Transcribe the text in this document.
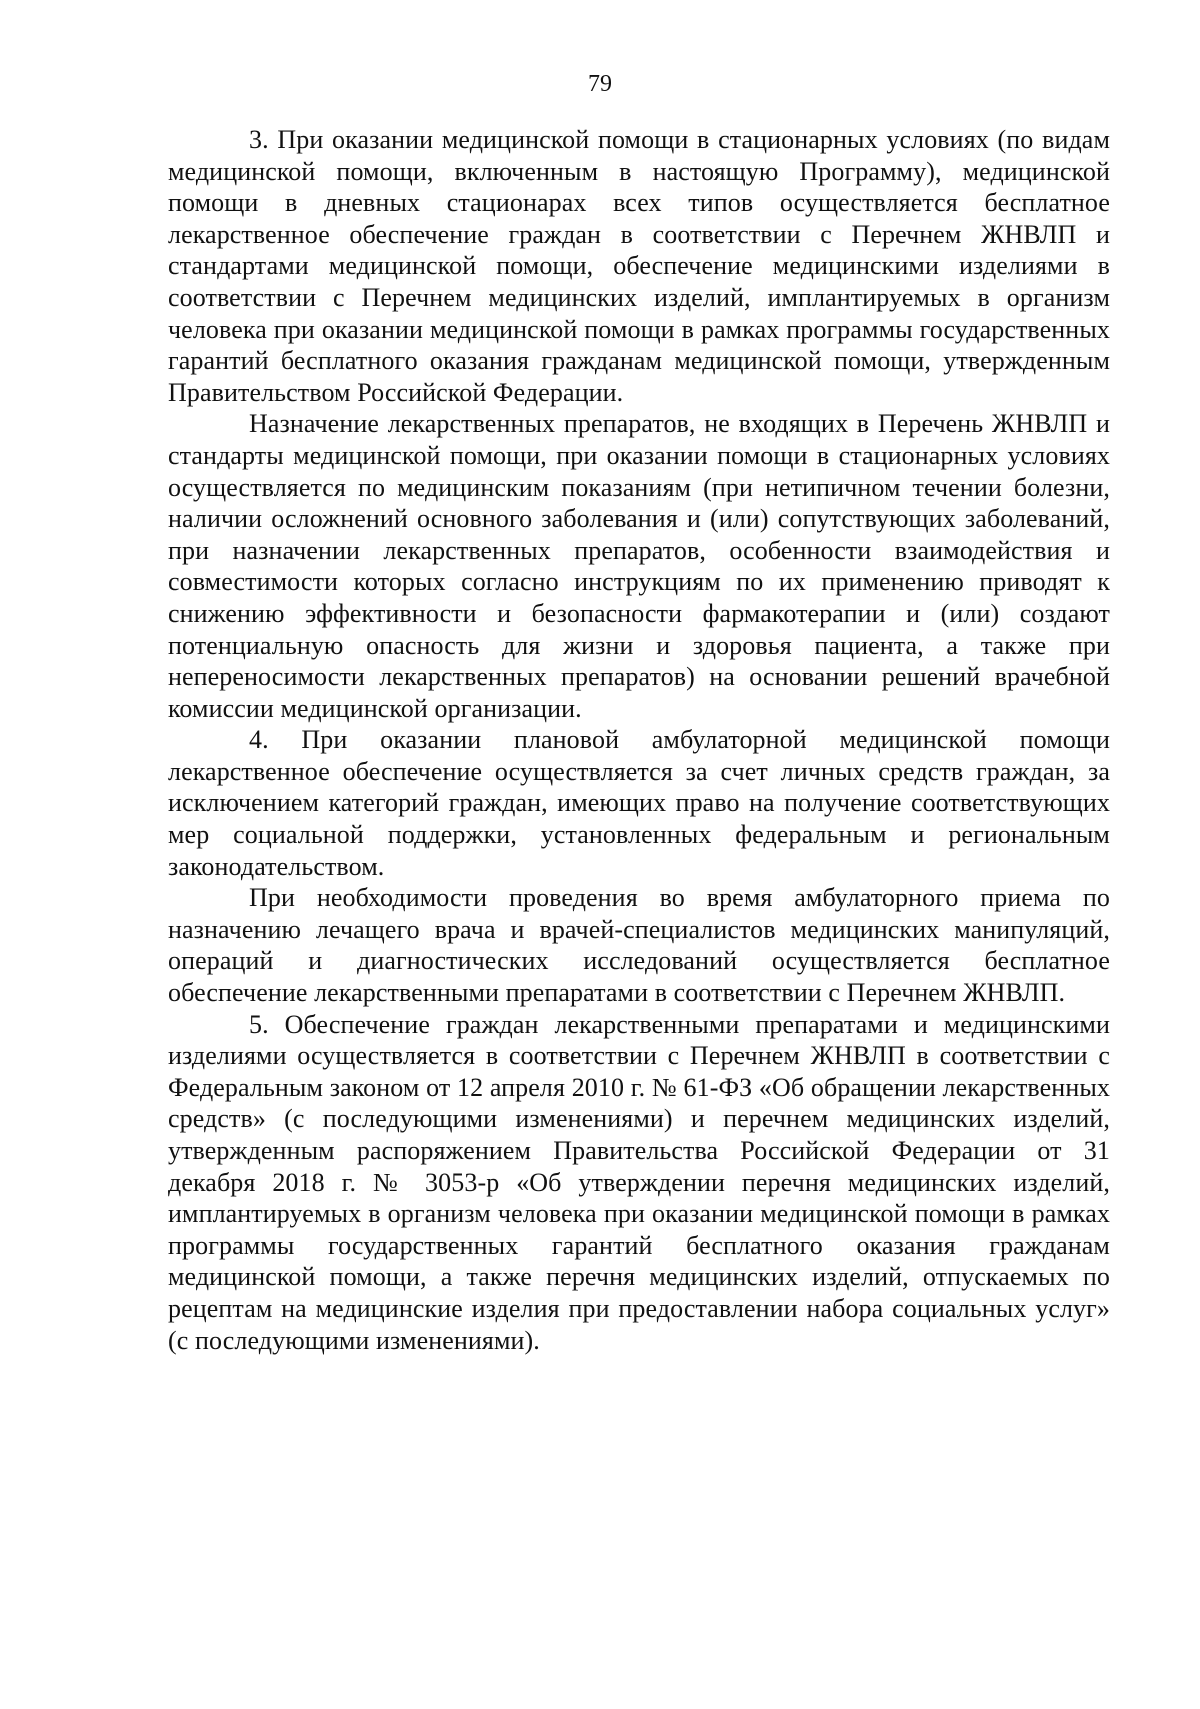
79

3. При оказании медицинской помощи в стационарных условиях (по видам медицинской помощи, включенным в настоящую Программу), медицинской помощи в дневных стационарах всех типов осуществляется бесплатное лекарственное обеспечение граждан в соответствии с Перечнем ЖНВЛП и стандартами медицинской помощи, обеспечение медицинскими изделиями в соответствии с Перечнем медицинских изделий, имплантируемых в организм человека при оказании медицинской помощи в рамках программы государственных гарантий бесплатного оказания гражданам медицинской помощи, утвержденным Правительством Российской Федерации.

Назначение лекарственных препаратов, не входящих в Перечень ЖНВЛП и стандарты медицинской помощи, при оказании помощи в стационарных условиях осуществляется по медицинским показаниям (при нетипичном течении болезни, наличии осложнений основного заболевания и (или) сопутствующих заболеваний, при назначении лекарственных препаратов, особенности взаимодействия и совместимости которых согласно инструкциям по их применению приводят к снижению эффективности и безопасности фармакотерапии и (или) создают потенциальную опасность для жизни и здоровья пациента, а также при непереносимости лекарственных препаратов) на основании решений врачебной комиссии медицинской организации.

4. При оказании плановой амбулаторной медицинской помощи лекарственное обеспечение осуществляется за счет личных средств граждан, за исключением категорий граждан, имеющих право на получение соответствующих мер социальной поддержки, установленных федеральным и региональным законодательством.

При необходимости проведения во время амбулаторного приема по назначению лечащего врача и врачей-специалистов медицинских манипуляций, операций и диагностических исследований осуществляется бесплатное обеспечение лекарственными препаратами в соответствии с Перечнем ЖНВЛП.

5. Обеспечение граждан лекарственными препаратами и медицинскими изделиями осуществляется в соответствии с Перечнем ЖНВЛП в соответствии с Федеральным законом от 12 апреля 2010 г. № 61-ФЗ «Об обращении лекарственных средств» (с последующими изменениями) и перечнем медицинских изделий, утвержденным распоряжением Правительства Российской Федерации от 31 декабря 2018 г. № 3053-р «Об утверждении перечня медицинских изделий, имплантируемых в организм человека при оказании медицинской помощи в рамках программы государственных гарантий бесплатного оказания гражданам медицинской помощи, а также перечня медицинских изделий, отпускаемых по рецептам на медицинские изделия при предоставлении набора социальных услуг» (с последующими изменениями).
